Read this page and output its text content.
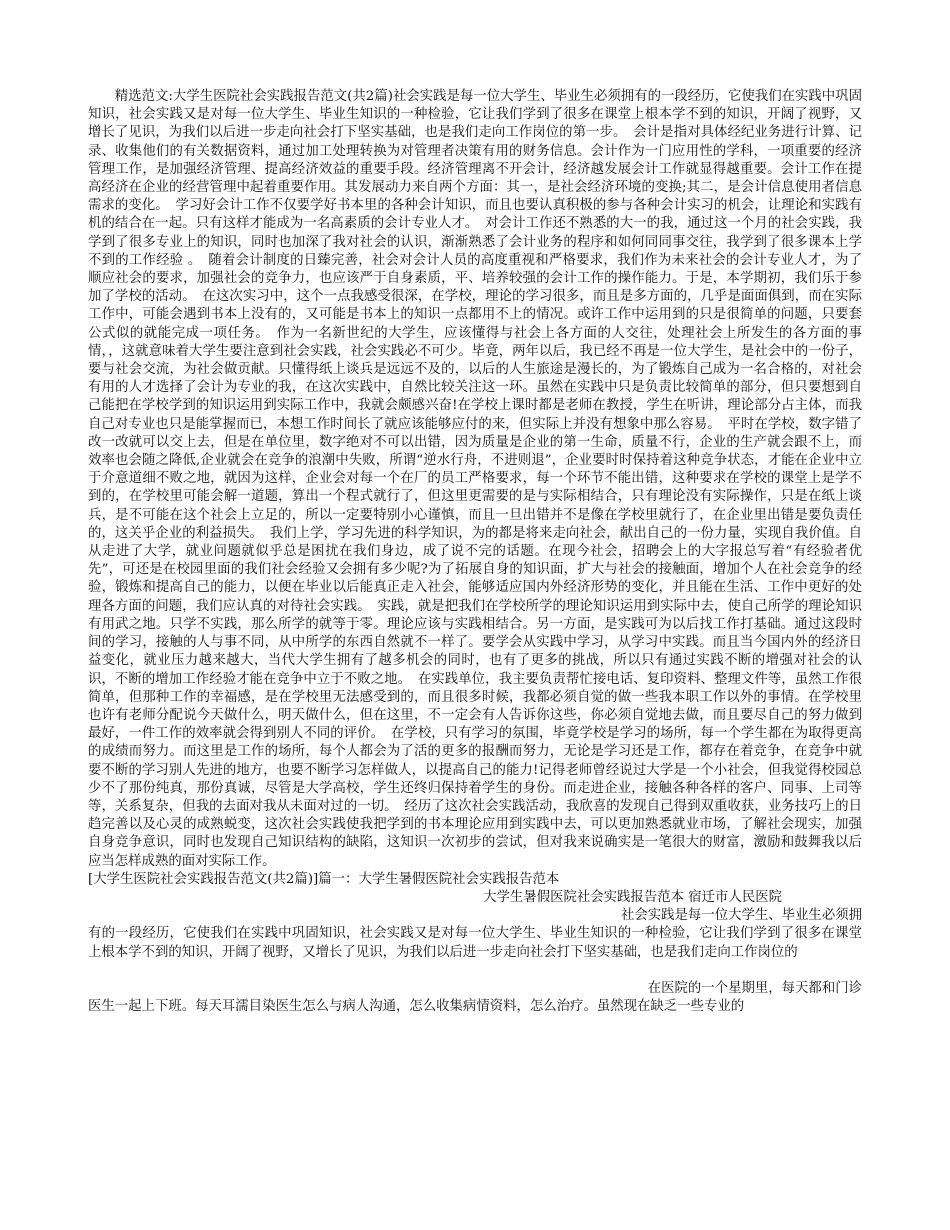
精选范文:大学生医院社会实践报告范文(共2篇)社会实践是每一位大学生、毕业生必须拥有的一段经历，它使我们在实践中巩固知识，社会实践又是对每一位大学生、毕业生知识的一种检验，它让我们学到了很多在课堂上根本学不到的知识，开阔了视野，又增长了见识，为我们以后进一步走向社会打下坚实基础，也是我们走向工作岗位的第一步。　会计是指对具体经纪业务进行计算、记录、收集他们的有关数据资料，通过加工处理转换为对管理者决策有用的财务信息。会计作为一门应用性的学科，一项重要的经济管理工作，是加强经济管理、提高经济效益的重要手段。经济管理离不开会计，经济越发展会计工作就显得越重要。会计工作在提高经济在企业的经营管理中起着重要作用。其发展动力来自两个方面：其一，是社会经济环境的变换;其二，是会计信息使用者信息需求的变化。　学习好会计工作不仅要学好书本里的各种会计知识，而且也要认真积极的参与各种会计实习的机会，让理论和实践有机的结合在一起。只有这样才能成为一名高素质的会计专业人才。　对会计工作还不熟悉的大一的我，通过这一个月的社会实践，我学到了很多专业上的知识，同时也加深了我对社会的认识，渐渐熟悉了会计业务的程序和如何同同事交往，我学到了很多课本上学不到的工作经验 。　随着会计制度的日臻完善，社会对会计人员的高度重视和严格要求，我们作为未来社会的会计专业人才，为了顺应社会的要求，加强社会的竞争力，也应该严于自身素质，平、培养较强的会计工作的操作能力。于是，本学期初，我们乐于参加了学校的活动。　在这次实习中，这个一点我感受很深，在学校，理论的学习很多，而且是多方面的，几乎是面面俱到，而在实际工作中，可能会遇到书本上没有的，又可能是书本上的知识一点都用不上的情况。或许工作中运用到的只是很简单的问题，只要套公式似的就能完成一项任务。　作为一名新世纪的大学生，应该懂得与社会上各方面的人交往，处理社会上所发生的各方面的事情，，这就意味着大学生要注意到社会实践，社会实践必不可少。毕竟，两年以后，我已经不再是一位大学生，是社会中的一份子，要与社会交流，为社会做贡献。只懂得纸上谈兵是远远不及的，以后的人生旅途是漫长的，为了锻炼自己成为一名合格的，对社会有用的人才选择了会计为专业的我，在这次实践中，自然比较关注这一环。虽然在实践中只是负责比较简单的部分，但只要想到自己能把在学校学到的知识运用到实际工作中，我就会颇感兴奋!在学校上课时都是老师在教授，学生在听讲，理论部分占主体，而我自己对专业也只是能掌握而已，本想工作时间长了就应该能够应付的来，但实际上并没有想象中那么容易。　平时在学校，数字错了改一改就可以交上去，但是在单位里，数字绝对不可以出错，因为质量是企业的第一生命，质量不行，企业的生产就会跟不上，而效率也会随之降低,企业就会在竞争的浪潮中失败，所谓“逆水行舟，不进则退”，企业要时时保持着这种竞争状态，才能在企业中立于介意道细不败之地，就因为这样，企业会对每一个在厂的员工严格要求，每一个环节不能出错，这种要求在学校的课堂上是学不到的，在学校里可能会解一道题，算出一个程式就行了，但这里更需要的是与实际相结合，只有理论没有实际操作，只是在纸上谈兵，是不可能在这个社会上立足的，所以一定要特别小心谨慎，而且一旦出错并不是像在学校里就行了，在企业里出错是要负责任的，这关乎企业的利益损失。　我们上学，学习先进的科学知识，为的都是将来走向社会，献出自己的一份力量，实现自我价值。自从走进了大学，就业问题就似乎总是困扰在我们身边，成了说不完的话题。在现今社会，招聘会上的大字报总写着“有经验者优先”，可还是在校园里面的我们社会经验又会拥有多少呢?为了拓展自身的知识面，扩大与社会的接触面，增加个人在社会竞争的经验，锻炼和提高自己的能力，以便在毕业以后能真正走入社会，能够适应国内外经济形势的变化，并且能在生活、工作中更好的处理各方面的问题，我们应认真的对待社会实践。　实践，就是把我们在学校所学的理论知识运用到实际中去，使自己所学的理论知识有用武之地。只学不实践，那么所学的就等于零。理论应该与实践相结合。另一方面，是实践可为以后找工作打基础。通过这段时间的学习，接触的人与事不同，从中所学的东西自然就不一样了。要学会从实践中学习，从学习中实践。而且当今国内外的经济日益变化，就业压力越来越大，当代大学生拥有了越多机会的同时，也有了更多的挑战，所以只有通过实践不断的增强对社会的认识，不断的增加工作经验才能在竞争中立于不败之地。　在实践单位，我主要负责帮忙接电话、复印资料、整理文件等，虽然工作很简单，但那种工作的幸福感，是在学校里无法感受到的，而且很多时候，我都必须自觉的做一些我本职工作以外的事情。在学校里也许有老师分配说今天做什么，明天做什么，但在这里，不一定会有人告诉你这些，你必须自觉地去做，而且要尽自己的努力做到最好，一件工作的效率就会得到别人不同的评价。　在学校，只有学习的氛围，毕竟学校是学习的场所，每一个学生都在为取得更高的成绩而努力。而这里是工作的场所，每个人都会为了活的更多的报酬而努力，无论是学习还是工作，都存在着竞争，在竞争中就要不断的学习别人先进的地方，也要不断学习怎样做人，以提高自己的能力!记得老师曾经说过大学是一个小社会，但我觉得校园总少不了那份纯真，那份真诚，尽管是大学高校，学生还终归保持着学生的身份。而走进企业，接触各种各样的客户、同事、上司等等，关系复杂，但我的去面对我从未面对过的一切。　经历了这次社会实践活动，我欣喜的发现自己得到双重收获，业务技巧上的日趋完善以及心灵的成熟蜕变，这次社会实践使我把学到的书本理论应用到实践中去，可以更加熟悉就业市场，了解社会现实，加强自身竞争意识，同时也发现自己知识结构的缺陷，这知识一次初步的尝试，但对我来说确实是一笔很大的财富，激励和鼓舞我以后应当怎样成熟的面对实际工作。

[大学生医院社会实践报告范文(共2篇)]篇一：大学生暑假医院社会实践报告范本

大学生暑假医院社会实践报告范本 宿迁市人民医院

社会实践是每一位大学生、毕业生必须拥

有的一段经历，它使我们在实践中巩固知识，社会实践又是对每一位大学生、毕业生知识的一种检验，它让我们学到了很多在课堂上根本学不到的知识，开阔了视野，又增长了见识，为我们以后进一步走向社会打下坚实基础，也是我们走向工作岗位的

在医院的一个星期里，每天都和门诊

医生一起上下班。每天耳濡目染医生怎么与病人沟通，怎么收集病情资料，怎么治疗。虽然现在缺乏一些专业的
